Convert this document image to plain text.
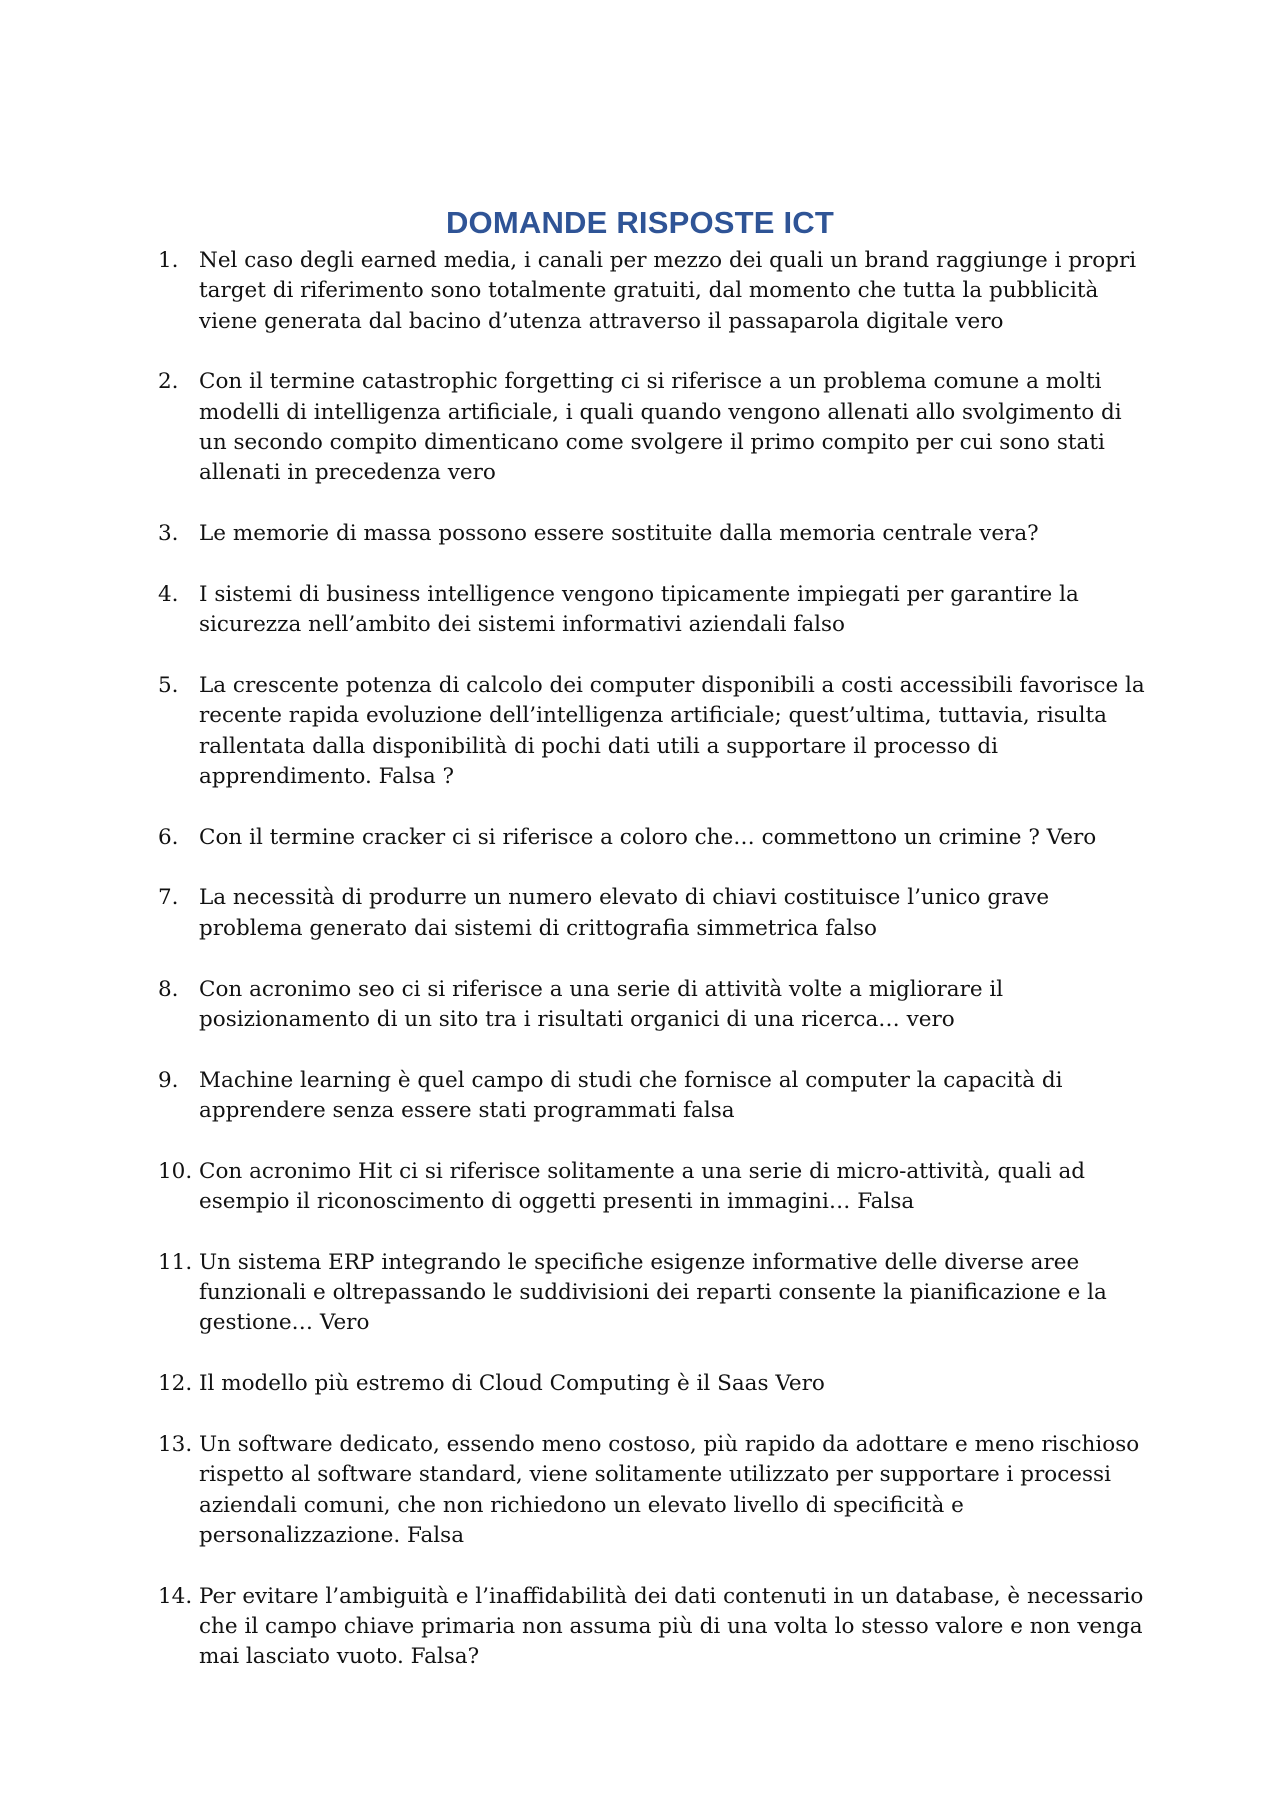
DOMANDE RISPOSTE ICT
1. Nel caso degli earned media, i canali per mezzo dei quali un brand raggiunge i propri target di riferimento sono totalmente gratuiti, dal momento che tutta la pubblicità viene generata dal bacino d’utenza attraverso il passaparola digitale vero
2. Con il termine catastrophic forgetting ci si riferisce a un problema comune a molti modelli di intelligenza artificiale, i quali quando vengono allenati allo svolgimento di un secondo compito dimenticano come svolgere il primo compito per cui sono stati allenati in precedenza vero
3. Le memorie di massa possono essere sostituite dalla memoria centrale vera?
4. I sistemi di business intelligence vengono tipicamente impiegati per garantire la sicurezza nell’ambito dei sistemi informativi aziendali falso
5. La crescente potenza di calcolo dei computer disponibili a costi accessibili favorisce la recente rapida evoluzione dell’intelligenza artificiale; quest’ultima, tuttavia, risulta rallentata dalla disponibilità di pochi dati utili a supportare il processo di apprendimento. Falsa ?
6. Con il termine cracker ci si riferisce a coloro che… commettono un crimine ? Vero
7. La necessità di produrre un numero elevato di chiavi costituisce l’unico grave problema generato dai sistemi di crittografia simmetrica falso
8. Con acronimo seo ci si riferisce a una serie di attività volte a migliorare il posizionamento di un sito tra i risultati organici di una ricerca… vero
9. Machine learning è quel campo di studi che fornisce al computer la capacità di apprendere senza essere stati programmati falsa
10. Con acronimo Hit ci si riferisce solitamente a una serie di micro-attività, quali ad esempio il riconoscimento di oggetti presenti in immagini… Falsa
11. Un sistema ERP integrando le specifiche esigenze informative delle diverse aree funzionali e oltrepassando le suddivisioni dei reparti consente la pianificazione e la gestione… Vero
12. Il modello più estremo di Cloud Computing è il Saas Vero
13. Un software dedicato, essendo meno costoso, più rapido da adottare e meno rischioso rispetto al software standard, viene solitamente utilizzato per supportare i processi aziendali comuni, che non richiedono un elevato livello di specificità e personalizzazione. Falsa
14. Per evitare l’ambiguità e l’inaffidabilità dei dati contenuti in un database, è necessario che il campo chiave primaria non assuma più di una volta lo stesso valore e non venga mai lasciato vuoto. Falsa?
